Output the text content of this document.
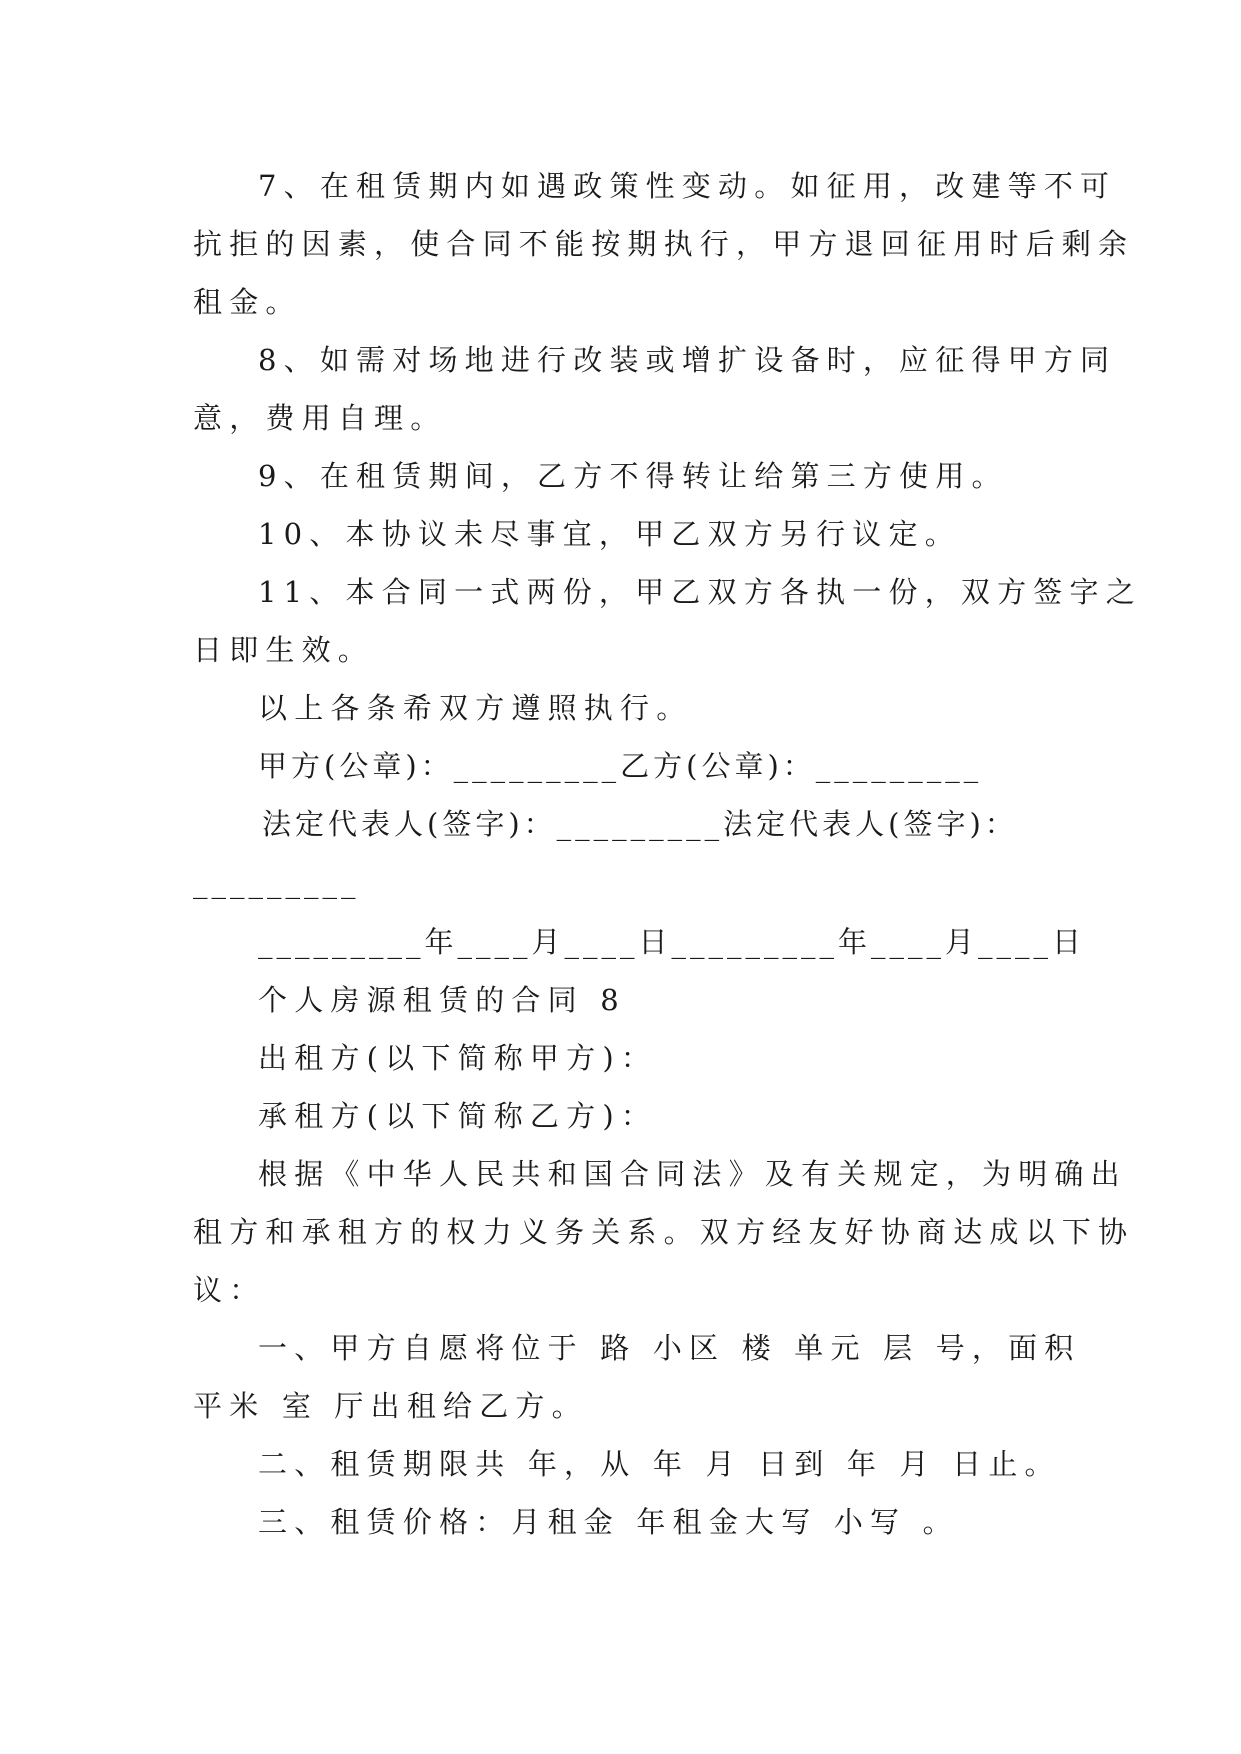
7、在租赁期内如遇政策性变动。如征用，改建等不可

抗拒的因素，使合同不能按期执行，甲方退回征用时后剩余

租金。

8、如需对场地进行改装或增扩设备时，应征得甲方同

意，费用自理。

9、在租赁期间，乙方不得转让给第三方使用。

10、本协议未尽事宜，甲乙双方另行议定。

11、本合同一式两份，甲乙双方各执一份，双方签字之

日即生效。

以上各条希双方遵照执行。

甲方(公章)：_________乙方(公章)：_________

法定代表人(签字)：_________法定代表人(签字)：

_________

_________年____月____日_________年____月____日

个人房源租赁的合同 8

出租方(以下简称甲方)：

承租方(以下简称乙方)：

根据《中华人民共和国合同法》及有关规定，为明确出

租方和承租方的权力义务关系。双方经友好协商达成以下协

议：

一、甲方自愿将位于 路 小区 楼 单元 层 号，面积

平米 室 厅出租给乙方。

二、租赁期限共 年，从 年 月 日到 年 月 日止。

三、租赁价格：月租金 年租金大写 小写 。
